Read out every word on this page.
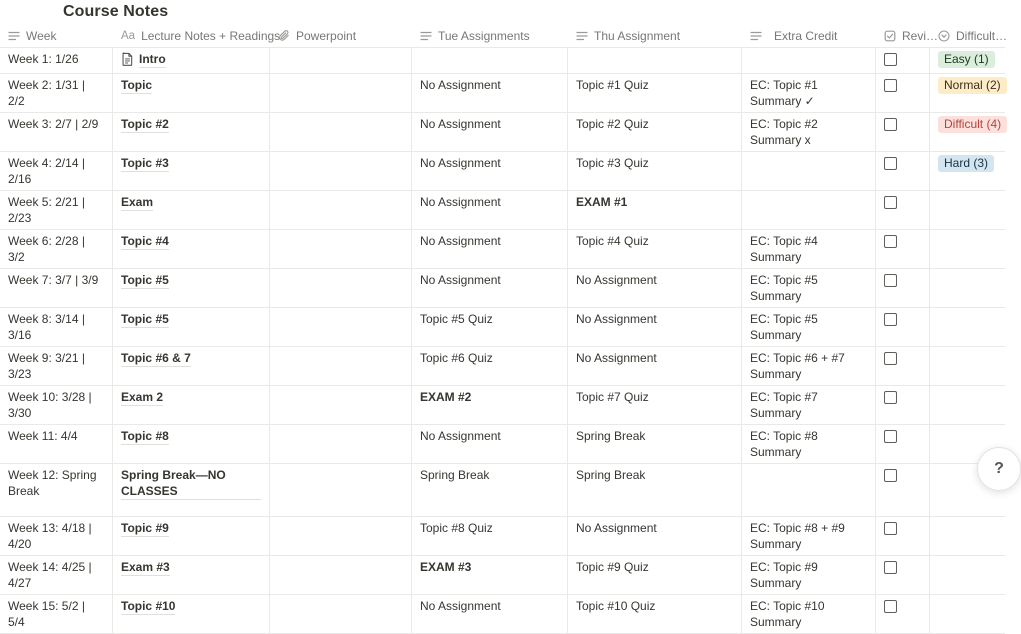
Course Notes
Week	Aa Lecture Notes + Readings Powerpoint	Tue Assignments	Thu Assignment	Extra Credit	Revi… Difficult…
Week 1: 1/26	Intro	Easy (1)
Week 2: 1/31 | 2/2
Topic	No Assignment	Topic #1 Quiz	EC: Topic #1 Summary ✓
Normal (2)
Week 3: 2/7 | 2/9	Topic #2	No Assignment	Topic #2 Quiz	EC: Topic #2 Summary x
Difficult (4)
Week 4: 2/14 | 2/16
Topic #3	No Assignment	Topic #3 Quiz	Hard (3)
Week 5: 2/21 | 2/23
Exam	No Assignment	EXAM #1
Week 6: 2/28 | 3/2
Topic #4	No Assignment	Topic #4 Quiz	EC: Topic #4 Summary
Week 7: 3/7 | 3/9	Topic #5	No Assignment	No Assignment	EC: Topic #5 Summary
Week 8: 3/14 | 3/16
Topic #5	Topic #5 Quiz	No Assignment	EC: Topic #5 Summary
Week 9: 3/21 | 3/23
Topic #6 & 7	Topic #6 Quiz	No Assignment	EC: Topic #6 + #7 Summary
Week 10: 3/28 | 3/30
Exam 2	EXAM #2	Topic #7 Quiz	EC: Topic #7 Summary
Week 11: 4/4	Topic #8	No Assignment	Spring Break	EC: Topic #8 Summary
Week 12: Spring Break
Spring Break—NO CLASSES
Spring Break	Spring Break
Week 13: 4/18 | 4/20
Topic #9	Topic #8 Quiz	No Assignment	EC: Topic #8 + #9 Summary
Week 14: 4/25 | 4/27
Exam #3	EXAM #3	Topic #9 Quiz	EC: Topic #9 Summary
Week 15: 5/2 | 5/4
Topic #10	No Assignment	Topic #10 Quiz	EC: Topic #10 Summary
?
